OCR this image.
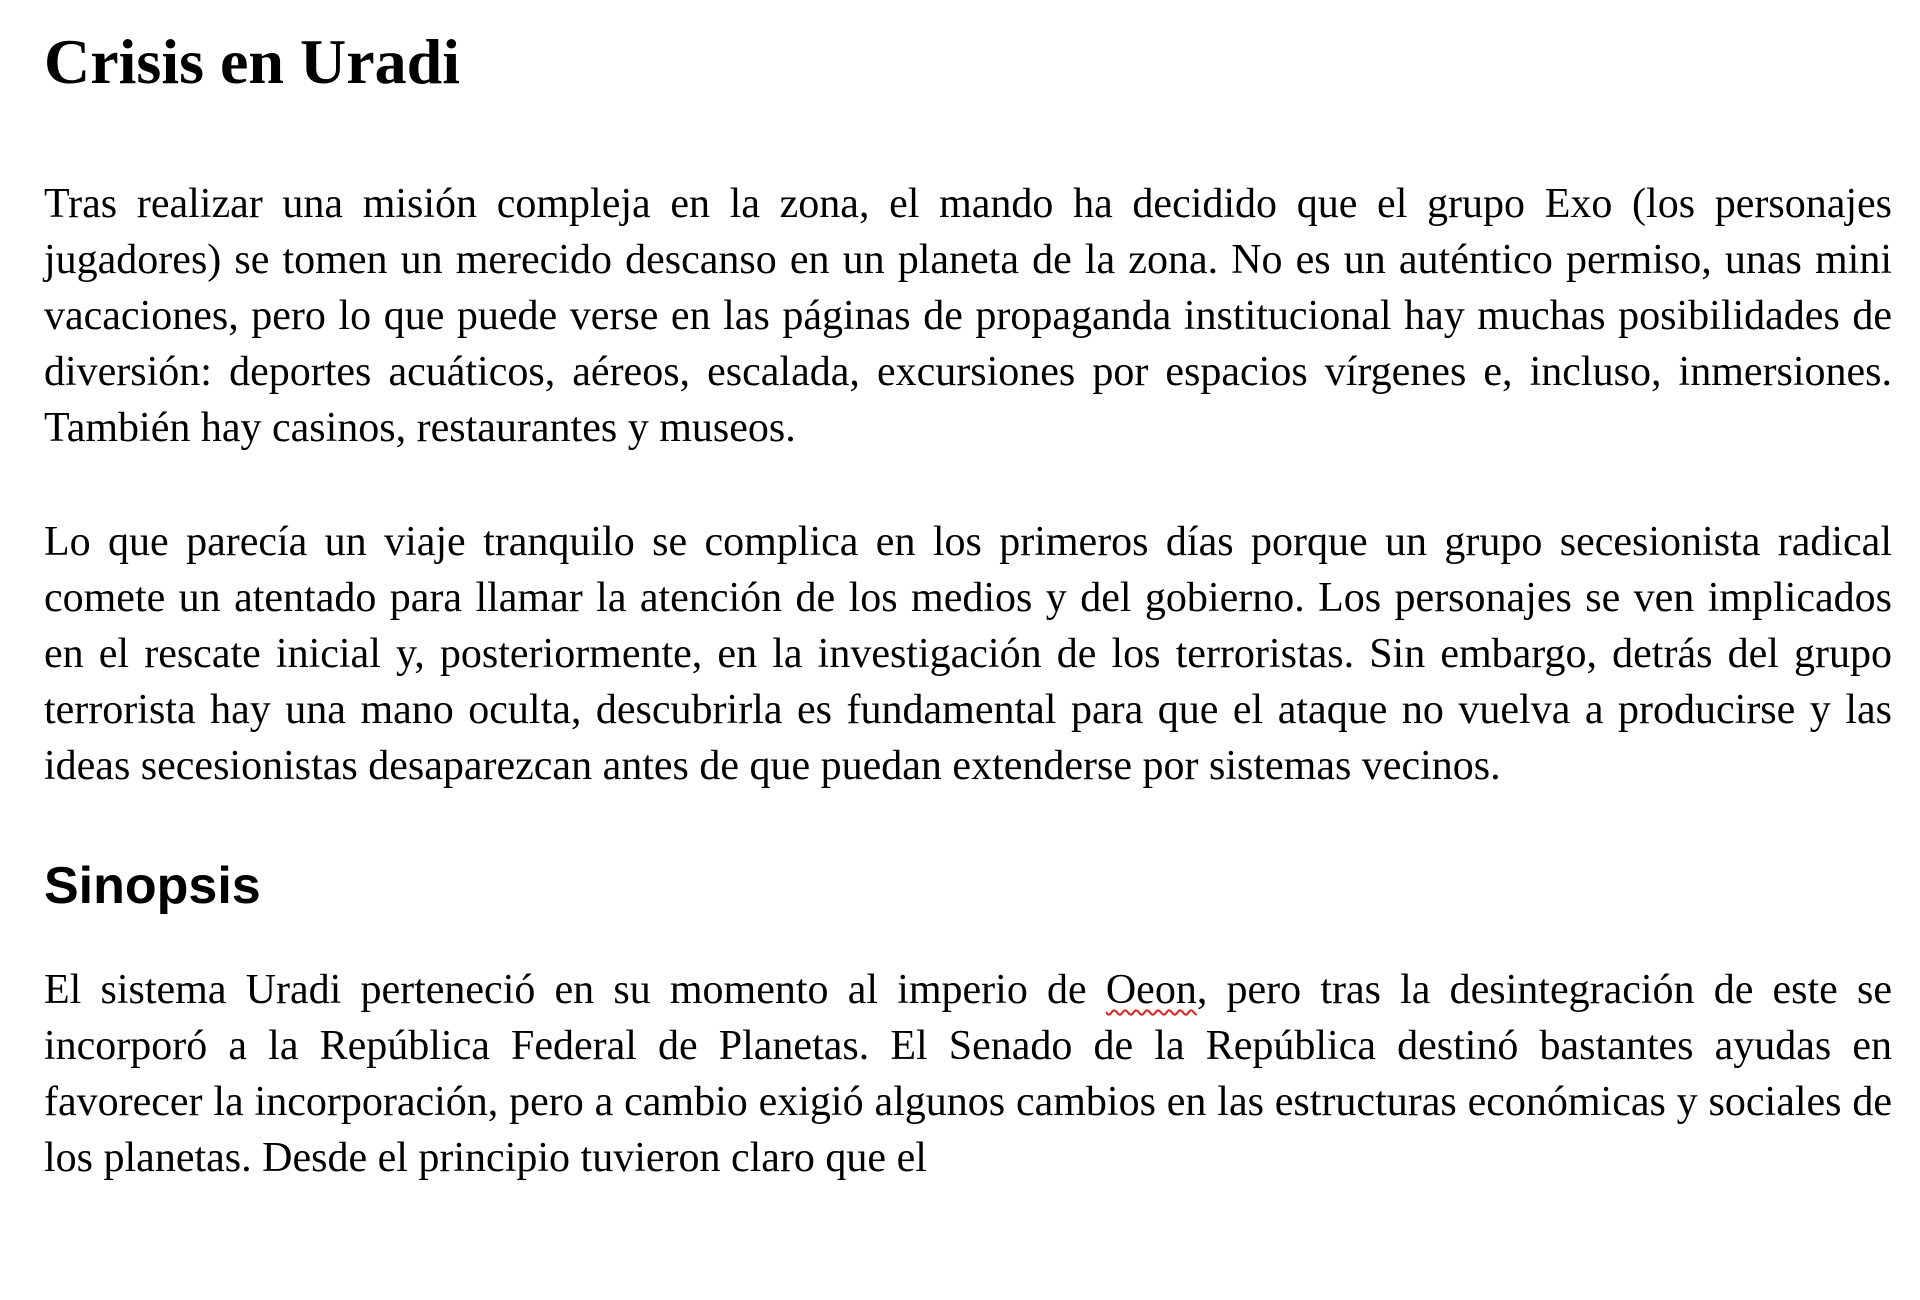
Crisis en Uradi

Tras realizar una misión compleja en la zona, el mando ha decidido que el grupo Exo (los personajes jugadores) se tomen un merecido descanso en un planeta de la zona. No es un auténtico permiso, unas mini vacaciones, pero lo que puede verse en las páginas de propaganda institucional hay muchas posibilidades de diversión: deportes acuáticos, aéreos, escalada, excursiones por espacios vírgenes e, incluso, inmersiones. También hay casinos, restaurantes y museos.

Lo que parecía un viaje tranquilo se complica en los primeros días porque un grupo secesionista radical comete un atentado para llamar la atención de los medios y del gobierno. Los personajes se ven implicados en el rescate inicial y, posteriormente, en la investigación de los terroristas. Sin embargo, detrás del grupo terrorista hay una mano oculta, descubrirla es fundamental para que el ataque no vuelva a producirse y las ideas secesionistas desaparezcan antes de que puedan extenderse por sistemas vecinos.

Sinopsis

El sistema Uradi perteneció en su momento al imperio de Oeon, pero tras la desintegración de este se incorporó a la República Federal de Planetas. El Senado de la República destinó bastantes ayudas en favorecer la incorporación, pero a cambio exigió algunos cambios en las estructuras económicas y sociales de los planetas. Desde el principio tuvieron claro que el
